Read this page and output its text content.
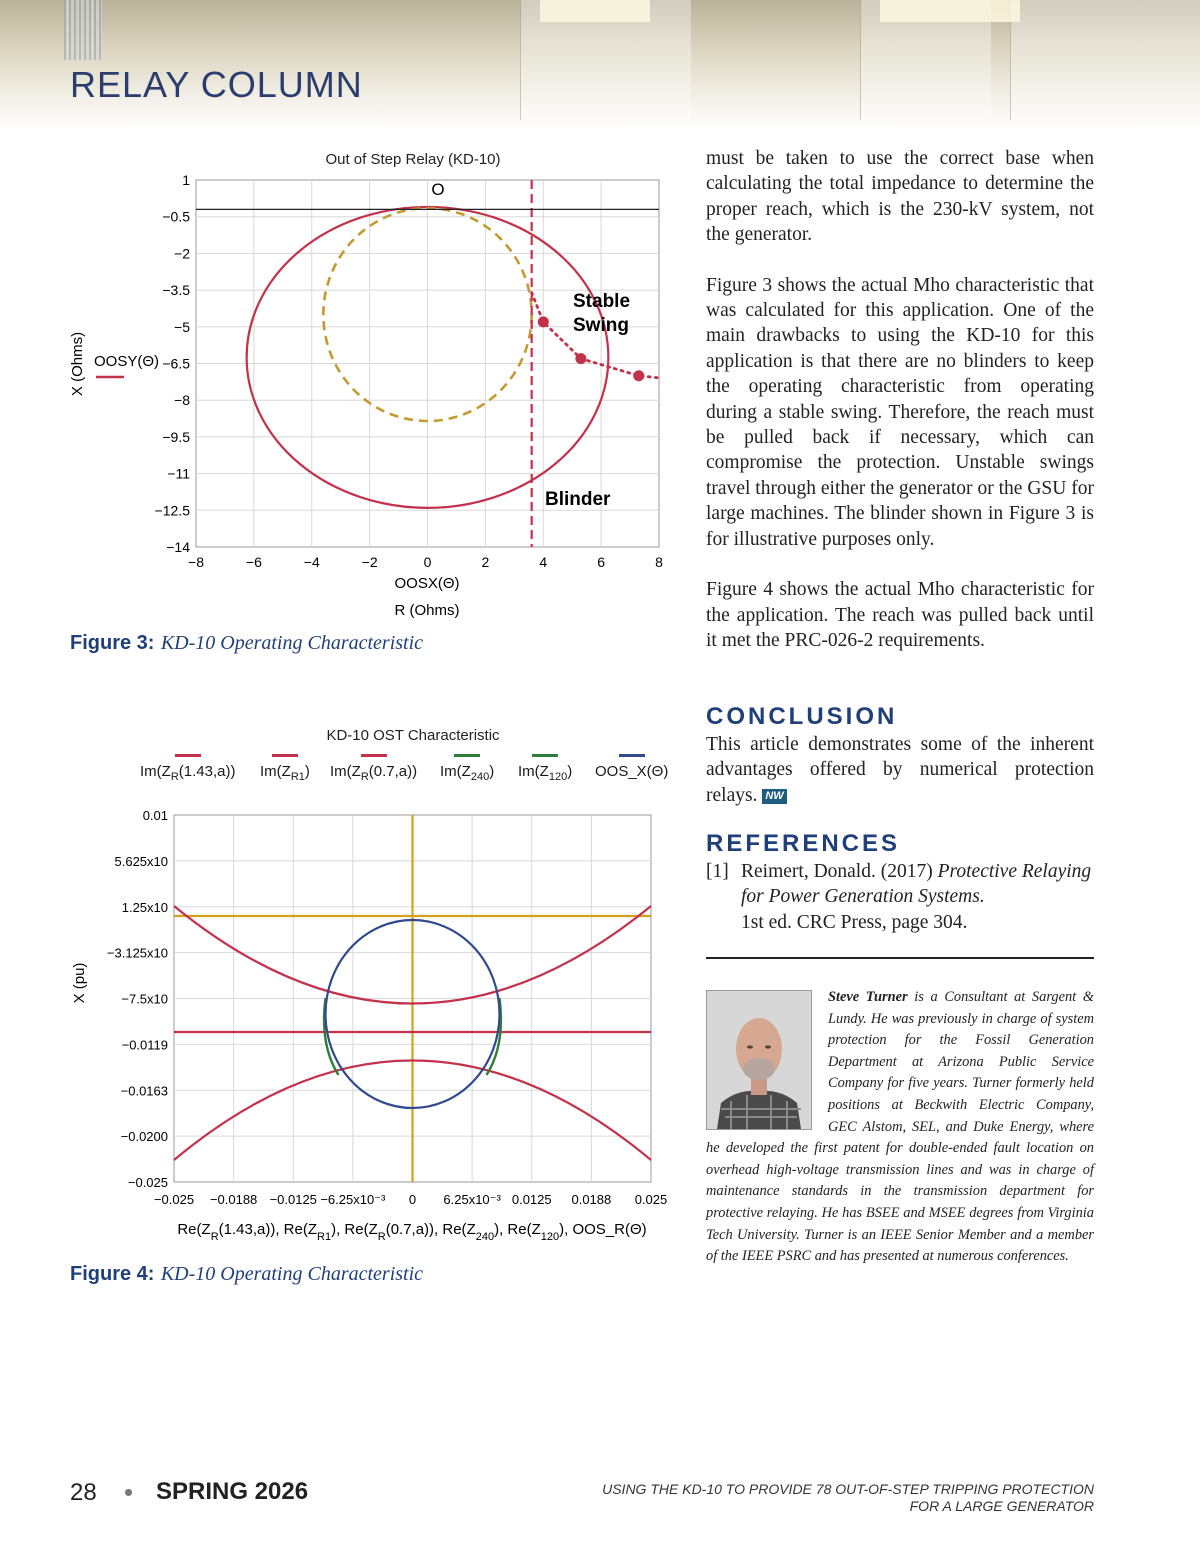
RELAY COLUMN
Out of Step Relay (KD-10)
1
−0.5
−2
−3.5
−5
−6.5
−8
−9.5
−11
−12.5
−14
−8	−6	−4	−2	0	2	4	6	8
O
Stable
Swing
Blinder
OOSX(Θ)
R (Ohms)
X (Ohms) OOSY(Θ)
Figure 3: KD-10 Operating Characteristic
KD-10 OST Characteristic
$Im(Z_R(1.43,a))$ $Im(Z_{R1})$ $Im(Z_R(0.7,a))$ $Im(Z_{240})$ $Im(Z_{120})$ OOS_X(Θ)
0.01
5.625x10
1.25x10
−3.125x10
−7.5x10
−0.0119
−0.0163
−0.0200
−0.025
−0.025 −0.0188 −0.0125 −6.25x10⁻³ 0 6.25x10⁻³ 0.0125 0.0188 0.025
X (pu)
$Re(Z_R(1.43,a))$, $Re(Z_{R1})$, $Re(Z_R(0.7,a))$, $Re(Z_{240})$, $Re(Z_{120})$, OOS_R(Θ)
Figure 4: KD-10 Operating Characteristic

must be taken to use the correct base when calculating the total impedance to determine the proper reach, which is the 230-kV system, not the generator.

Figure 3 shows the actual Mho characteristic that was calculated for this application. One of the main drawbacks to using the KD-10 for this application is that there are no blinders to keep the operating characteristic from operating during a stable swing. Therefore, the reach must be pulled back if necessary, which can compromise the protection. Unstable swings travel through either the generator or the GSU for large machines. The blinder shown in Figure 3 is for illustrative purposes only.

Figure 4 shows the actual Mho characteristic for the application. The reach was pulled back until it met the PRC-026-2 requirements.

CONCLUSION
This article demonstrates some of the inherent advantages offered by numerical protection relays. NW
REFERENCES
[1] Reimert, Donald. (2017) Protective Relaying for Power Generation Systems.
1st ed. CRC Press, page 304.
Steve Turner is a Consultant at Sargent & Lundy. He was previously in charge of system protection for the Fossil Generation Department at Arizona Public Service Company for five years. Turner formerly held positions at Beckwith Electric Company, GEC Alstom, SEL, and Duke Energy, where he developed the first patent for double-ended fault location on overhead high-voltage transmission lines and was in charge of maintenance standards in the transmission department for protective relaying. He has BSEE and MSEE degrees from Virginia Tech University. Turner is an IEEE Senior Member and a member of the IEEE PSRC and has presented at numerous conferences.
28 • SPRING 2026	USING THE KD-10 TO PROVIDE 78 OUT-OF-STEP TRIPPING PROTECTION FOR A LARGE GENERATOR
